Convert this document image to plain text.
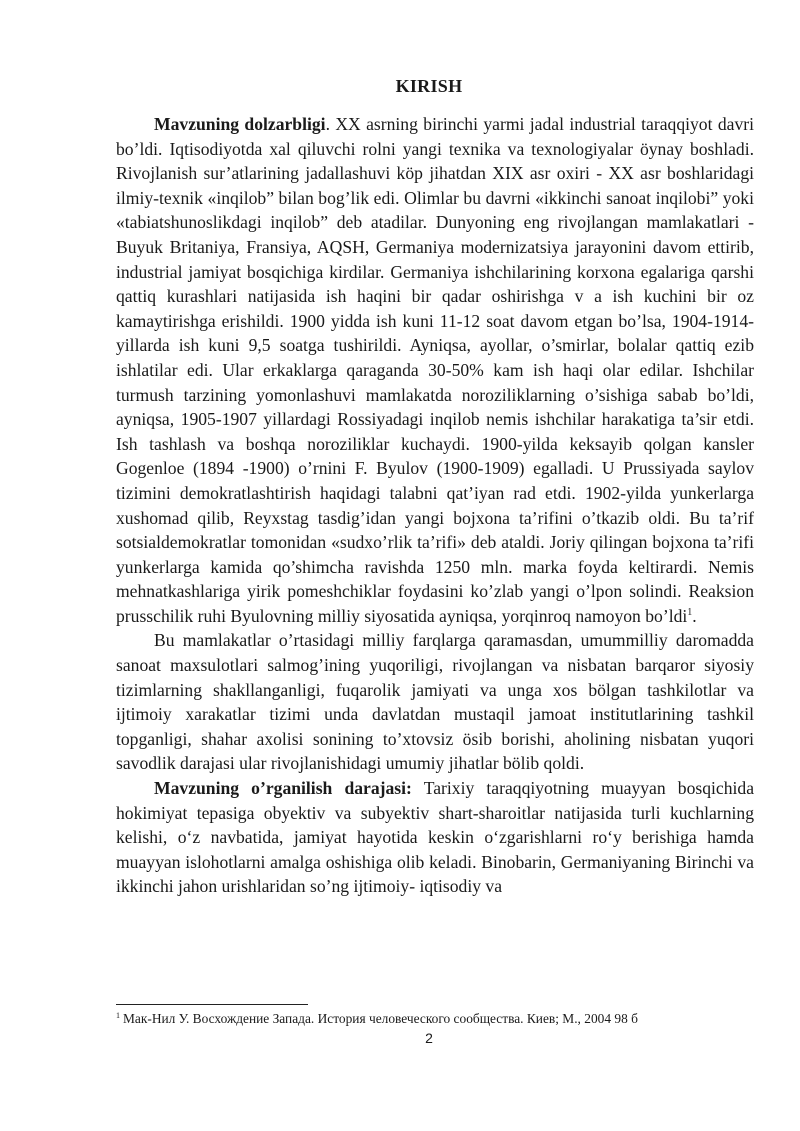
KIRISH

Mavzuning dolzarbligi. XX asrning birinchi yarmi jadal industrial taraqqiyot davri bo’ldi. Iqtisodiyotda xal qiluvchi rolni yangi texnika va texnologiyalar öynay boshladi. Rivojlanish sur’atlarining jadallashuvi köp jihatdan XIX asr oxiri - XX asr boshlaridagi ilmiy-texnik «inqilob” bilan bog’lik edi. Olimlar bu davrni «ikkinchi sanoat inqilobi” yoki «tabiatshunoslikdagi inqilob” deb atadilar. Dunyoning eng rivojlangan mamlakatlari - Buyuk Britaniya, Fransiya, AQSH, Germaniya modernizatsiya jarayonini davom ettirib, industrial jamiyat bosqichiga kirdilar. Germaniya ishchilarining korxona egalariga qarshi qattiq kurashlari natijasida ish haqini bir qadar oshirishga v a ish kuchini bir oz kamaytirishga erishildi. 1900 yidda ish kuni 11-12 soat davom etgan bo’lsa, 1904-1914-yillarda ish kuni 9,5 soatga tushirildi. Ayniqsa, ayollar, o’smirlar, bolalar qattiq ezib ishlatilar edi. Ular erkaklarga qaraganda 30-50% kam ish haqi olar edilar. Ishchilar turmush tarzining yomonlashuvi mamlakatda noroziliklarning o’sishiga sabab bo’ldi, ayniqsa, 1905-1907 yillardagi Rossiyadagi inqilob nemis ishchilar harakatiga ta’sir etdi. Ish tashlash va boshqa noroziliklar kuchaydi. 1900-yilda keksayib qolgan kansler Gogenloe (1894 -1900) o’rnini F. Byulov (1900-1909) egalladi. U Prussiyada saylov tizimini demokratlashtirish haqidagi talabni qat’iyan rad etdi. 1902-yilda yunkerlarga xushomad qilib, Reyxstag tasdig’idan yangi bojxona ta’rifini o’tkazib oldi. Bu ta’rif sotsialdemokratlar tomonidan «sudxo’rlik ta’rifi» deb ataldi. Joriy qilingan bojxona ta’rifi yunkerlarga kamida qo’shimcha ravishda 1250 mln. marka foyda keltirardi. Nemis mehnatkashlariga yirik pomeshchiklar foydasini ko’zlab yangi o’lpon solindi. Reaksion prusschilik ruhi Byulovning milliy siyosatida ayniqsa, yorqinroq namoyon bo’ldi$^1$.

Bu mamlakatlar o’rtasidagi milliy farqlarga qaramasdan, umummilliy daromadda sanoat maxsulotlari salmog’ining yuqoriligi, rivojlangan va nisbatan barqaror siyosiy tizimlarning shakllanganligi, fuqarolik jamiyati va unga xos bölgan tashkilotlar va ijtimoiy xarakatlar tizimi unda davlatdan mustaqil jamoat institutlarining tashkil topganligi, shahar axolisi sonining to’xtovsiz ösib borishi, aholining nisbatan yuqori savodlik darajasi ular rivojlanishidagi umumiy jihatlar bölib qoldi.

Mavzuning o’rganilish darajasi: Tarixiy taraqqiyotning muayyan bosqichida hokimiyat tepasiga obyektiv va subyektiv shart-sharoitlar natijasida turli kuchlarning kelishi, o‘z navbatida, jamiyat hayotida keskin o‘zgarishlarni ro‘y berishiga hamda muayyan islohotlarni amalga oshishiga olib keladi. Binobarin, Germaniyaning Birinchi va ikkinchi jahon urishlaridan so’ng ijtimoiy- iqtisodiy va

$^1$ Мак-Нил У. Восхождение Запада. История человеческого сообщества. Киев; М., 2004 98 б
2
